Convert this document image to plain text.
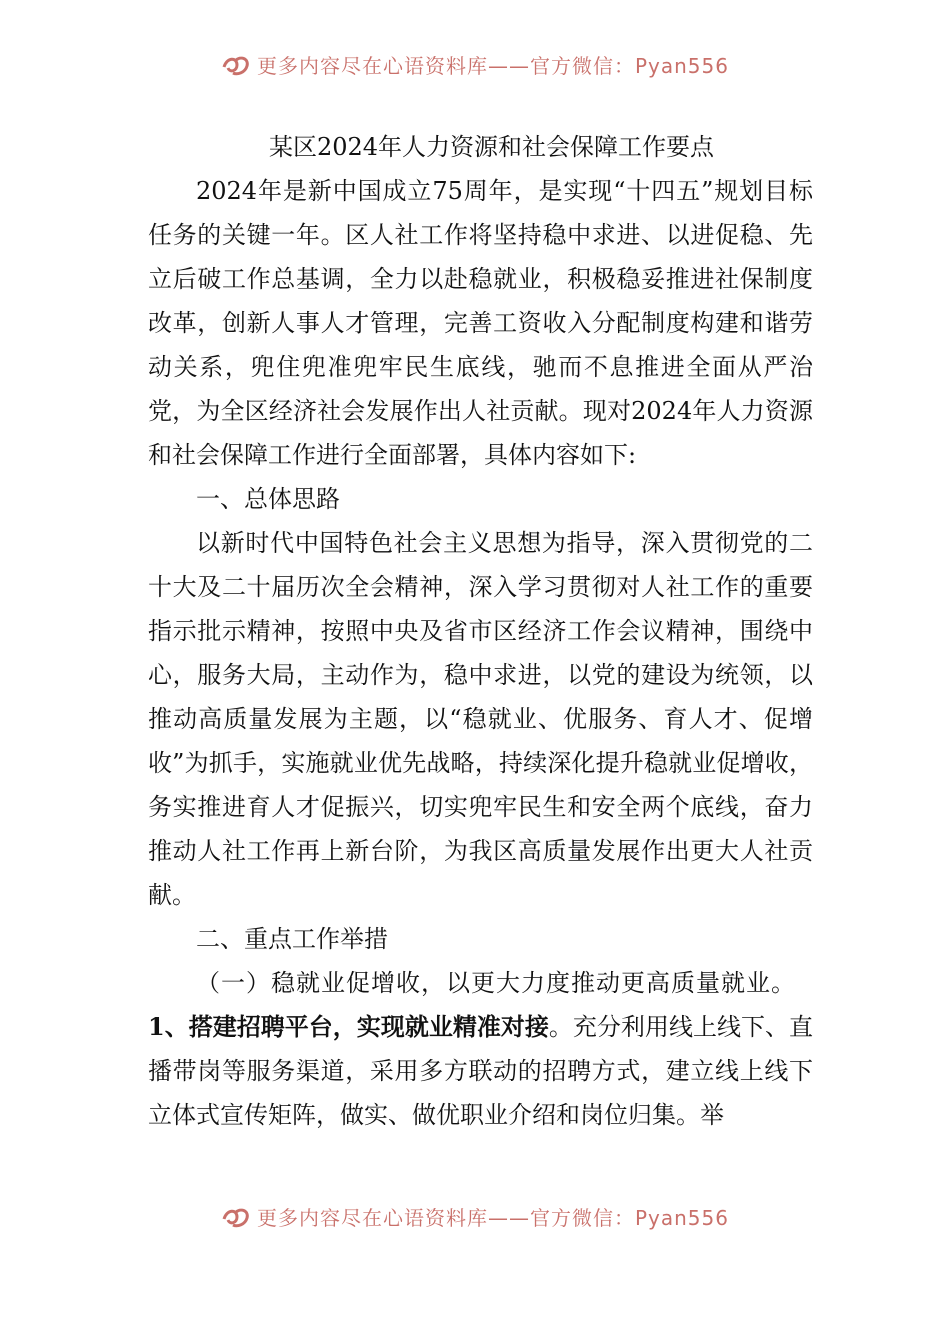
更多内容尽在心语资料库——官方微信：Pyan556

某区2024年人力资源和社会保障工作要点

2024年是新中国成立75周年，是实现“十四五”规划目标任务的关键一年。区人社工作将坚持稳中求进、以进促稳、先立后破工作总基调，全力以赴稳就业，积极稳妥推进社保制度改革，创新人事人才管理，完善工资收入分配制度构建和谐劳动关系，兜住兜准兜牢民生底线，驰而不息推进全面从严治党，为全区经济社会发展作出人社贡献。现对2024年人力资源和社会保障工作进行全面部署，具体内容如下:

一、总体思路

以新时代中国特色社会主义思想为指导，深入贯彻党的二十大及二十届历次全会精神，深入学习贯彻对人社工作的重要指示批示精神，按照中央及省市区经济工作会议精神，围绕中心，服务大局，主动作为，稳中求进，以党的建设为统领，以推动高质量发展为主题，以“稳就业、优服务、育人才、促增收”为抓手，实施就业优先战略，持续深化提升稳就业促增收，务实推进育人才促振兴，切实兜牢民生和安全两个底线，奋力推动人社工作再上新台阶，为我区高质量发展作出更大人社贡献。

二、重点工作举措

（一）稳就业促增收，以更大力度推动更高质量就业。

1、搭建招聘平台，实现就业精准对接。充分利用线上线下、直播带岗等服务渠道，采用多方联动的招聘方式，建立线上线下立体式宣传矩阵，做实、做优职业介绍和岗位归集。举

更多内容尽在心语资料库——官方微信：Pyan556
